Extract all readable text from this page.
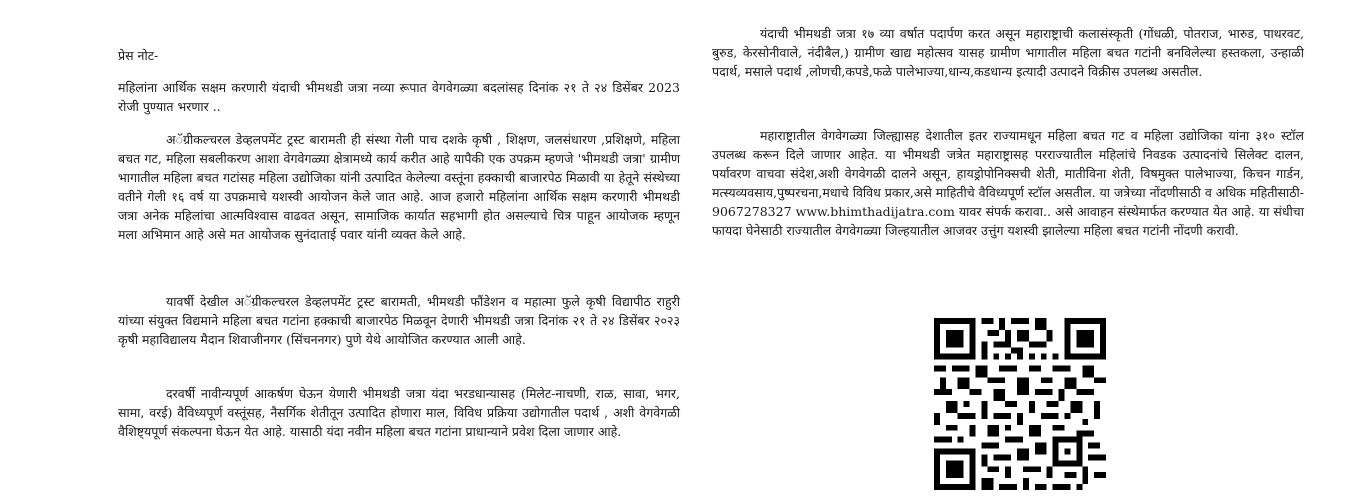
प्रेस नोट-

महिलांना आर्थिक सक्षम करणारी यंदाची भीमथडी जत्रा नव्या रूपात वेगवेगळ्या बदलांसह दिनांक २१ ते २४ डिसेंबर 2023 रोजी पुण्यात भरणार ..

अॅग्रीकल्चरल डेव्हलपमेंट ट्रस्ट बारामती ही संस्था गेली पाच दशके कृषी , शिक्षण, जलसंधारण ,प्रशिक्षणे, महिला बचत गट, महिला सबलीकरण आशा वेगवेगळ्या क्षेत्रामध्ये कार्य करीत आहे यापैकी एक उपक्रम म्हणजे 'भीमथडी जत्रा' ग्रामीण भागातील महिला बचत गटांसह महिला उद्योजिका यांनी उत्पादित केलेल्या वस्तूंना हक्काची बाजारपेठ मिळावी या हेतूने संस्थेच्या वतीने गेली १६ वर्ष या उपक्रमाचे यशस्वी आयोजन केले जात आहे. आज हजारो महिलांना आर्थिक सक्षम करणारी भीमथडी जत्रा अनेक महिलांचा आत्मविश्वास वाढवत असून, सामाजिक कार्यात सहभागी होत असल्याचे चित्र पाहून आयोजक म्हणून मला अभिमान आहे असे मत आयोजक सुनंदाताई पवार यांनी व्यक्त केले आहे.

यावर्षी देखील अॅग्रीकल्चरल डेव्हलपमेंट ट्रस्ट बारामती, भीमथडी फौंडेशन व महात्मा फुले कृषी विद्यापीठ राहुरी यांच्या संयुक्त विद्यमाने महिला बचत गटांना हक्काची बाजारपेठ मिळवून देणारी भीमथडी जत्रा दिनांक २१ ते २४ डिसेंबर २०२३ कृषी महाविद्यालय मैदान शिवाजीनगर (सिंचननगर) पुणे येथे आयोजित करण्यात आली आहे.

दरवर्षी नावीन्यपूर्ण आकर्षण घेऊन येणारी भीमथडी जत्रा यंदा भरडधान्यासह (मिलेट-नाचणी, राळ, सावा, भगर, सामा, वरई) वैविध्यपूर्ण वस्तूंसह, नैसर्गिक शेतीतून उत्पादित होणारा माल, विविध प्रक्रिया उद्योगातील पदार्थ , अशी वेगवेगळी वैशिष्ट्यपूर्ण संकल्पना घेऊन येत आहे. यासाठी यंदा नवीन महिला बचत गटांना प्राधान्याने प्रवेश दिला जाणार आहे.

यंदाची भीमथडी जत्रा १७ व्या वर्षात पदार्पण करत असून महाराष्ट्राची कलासंस्कृती (गोंधळी, पोतराज, भारुड, पाथरवट, बुरुड, केरसोनीवाले, नंदीबैल,) ग्रामीण खाद्य महोत्सव यासह ग्रामीण भागातील महिला बचत गटांनी बनविलेल्या हस्तकला, उन्हाळी पदार्थ, मसाले पदार्थ ,लोणची,कपडे,फळे पालेभाज्या,धान्य,कडधान्य इत्यादी उत्पादने विक्रीस उपलब्ध असतील.

महाराष्ट्रातील वेगवेगळ्या जिल्ह्यासह देशातील इतर राज्यामधून महिला बचत गट व महिला उद्योजिका यांना ३१० स्टॉल उपलब्ध करून दिले जाणार आहेत. या भीमथडी जत्रेत महाराष्ट्रासह परराज्यातील महिलांचे निवडक उत्पादनांचे सिलेक्ट दालन, पर्यावरण वाचवा संदेश,अशी वेगवेगळी दालने असून, हायड्रोपोनिक्सची शेती, मातीविना शेती, विषमुक्त पालेभाज्या, किचन गार्डन, मत्स्यव्यवसाय,पुष्परचना,मधाचे विविध प्रकार,असे माहितीचे वैविध्यपूर्ण स्टॉल असतील. या जत्रेच्या नोंदणीसाठी व अधिक महितीसाठी- 9067278327 www.bhimthadijatra.com यावर संपर्क करावा.. असे आवाहन संस्थेमार्फत करण्यात येत आहे. या संधीचा फायदा घेनेसाठी राज्यातील वेगवेगळ्या जिल्हयातील आजवर उत्तुंग यशस्वी झालेल्या महिला बचत गटांनी नोंदणी करावी.
